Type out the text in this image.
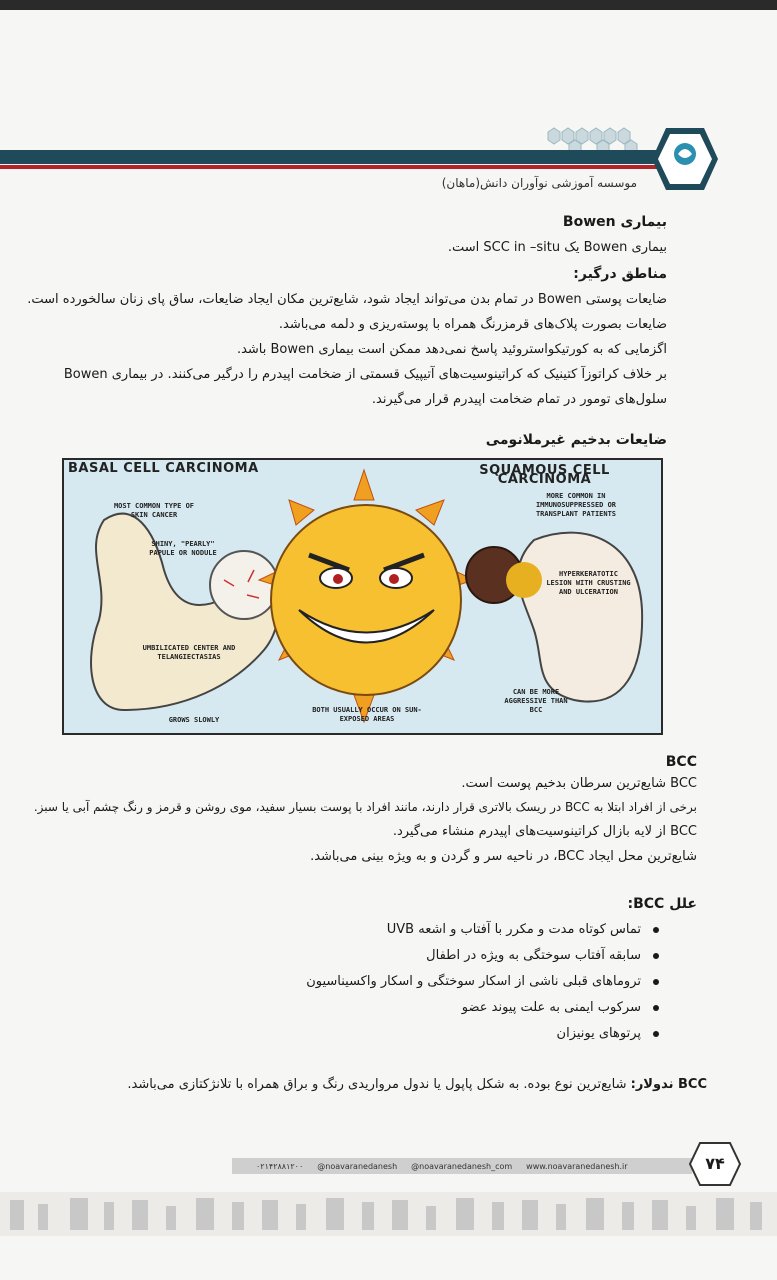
موسسه آموزشی نوآوران دانش(ماهان)
بیماری Bowen
بیماری Bowen یک SCC in –situ است.
مناطق درگیر:
ضایعات پوستی Bowen در تمام بدن می‌تواند ایجاد شود، شایع‌ترین مکان ایجاد ضایعات، ساق پای زنان سالخورده است.
ضایعات بصورت پلاک‌های قرمزرنگ همراه با پوسته‌ریزی و دلمه می‌باشد.
اگزمایی که به کورتیکواستروئید پاسخ نمی‌دهد ممکن است بیماری Bowen باشد.
بر خلاف کراتوزآ کتینیک که کراتینوسیت‌های آتیپیک قسمتی از ضخامت اپیدرم را درگیر می‌کنند. در بیماری Bowen
سلول‌های تومور در تمام ضخامت اپیدرم قرار می‌گیرند.
ضایعات بدخیم غیرملانومی
BASAL CELL CARCINOMA	SQUAMOUS CELL CARCINOMA
MOST COMMON TYPE OF SKIN CANCER
SHINY, "PEARLY" PAPULE OR NODULE
UMBILICATED CENTER AND TELANGIECTASIAS
GROWS SLOWLY
BOTH USUALLY OCCUR ON SUN-EXPOSED AREAS
MORE COMMON IN IMMUNOSUPPRESSED OR TRANSPLANT PATIENTS
HYPERKERATOTIC LESION WITH CRUSTING AND ULCERATION
CAN BE MORE AGGRESSIVE THAN BCC
BCC
BCC شایع‌ترین سرطان بدخیم پوست است.
برخی از افراد ابتلا به BCC در ریسک بالاتری قرار دارند، مانند افراد با پوست بسیار سفید، موی روشن و قرمز و رنگ چشم آبی یا سبز.
BCC از لایه بازال کراتینوسیت‌های اپیدرم منشاء می‌گیرد.
شایع‌ترین محل ایجاد BCC، در ناحیه سر و گردن و به ویژه بینی می‌باشد.
علل BCC:
تماس کوتاه مدت و مکرر با آفتاب و اشعه UVB
سابقه آفتاب سوختگی به ویژه در اطفال
تروماهای قبلی ناشی از اسکار سوختگی و اسکار واکسیناسیون
سرکوب ایمنی به علت پیوند عضو
پرتوهای یونیزان
BCC ندولار: شایع‌ترین نوع بوده. به شکل پاپول یا ندول مرواریدی رنگ و براق همراه با تلانژکتازی می‌باشد.
۰۲۱۴۲۸۸۱۲۰۰ @noavaranedanesh @noavaranedanesh_com www.noavaranedanesh.ir	۷۴
